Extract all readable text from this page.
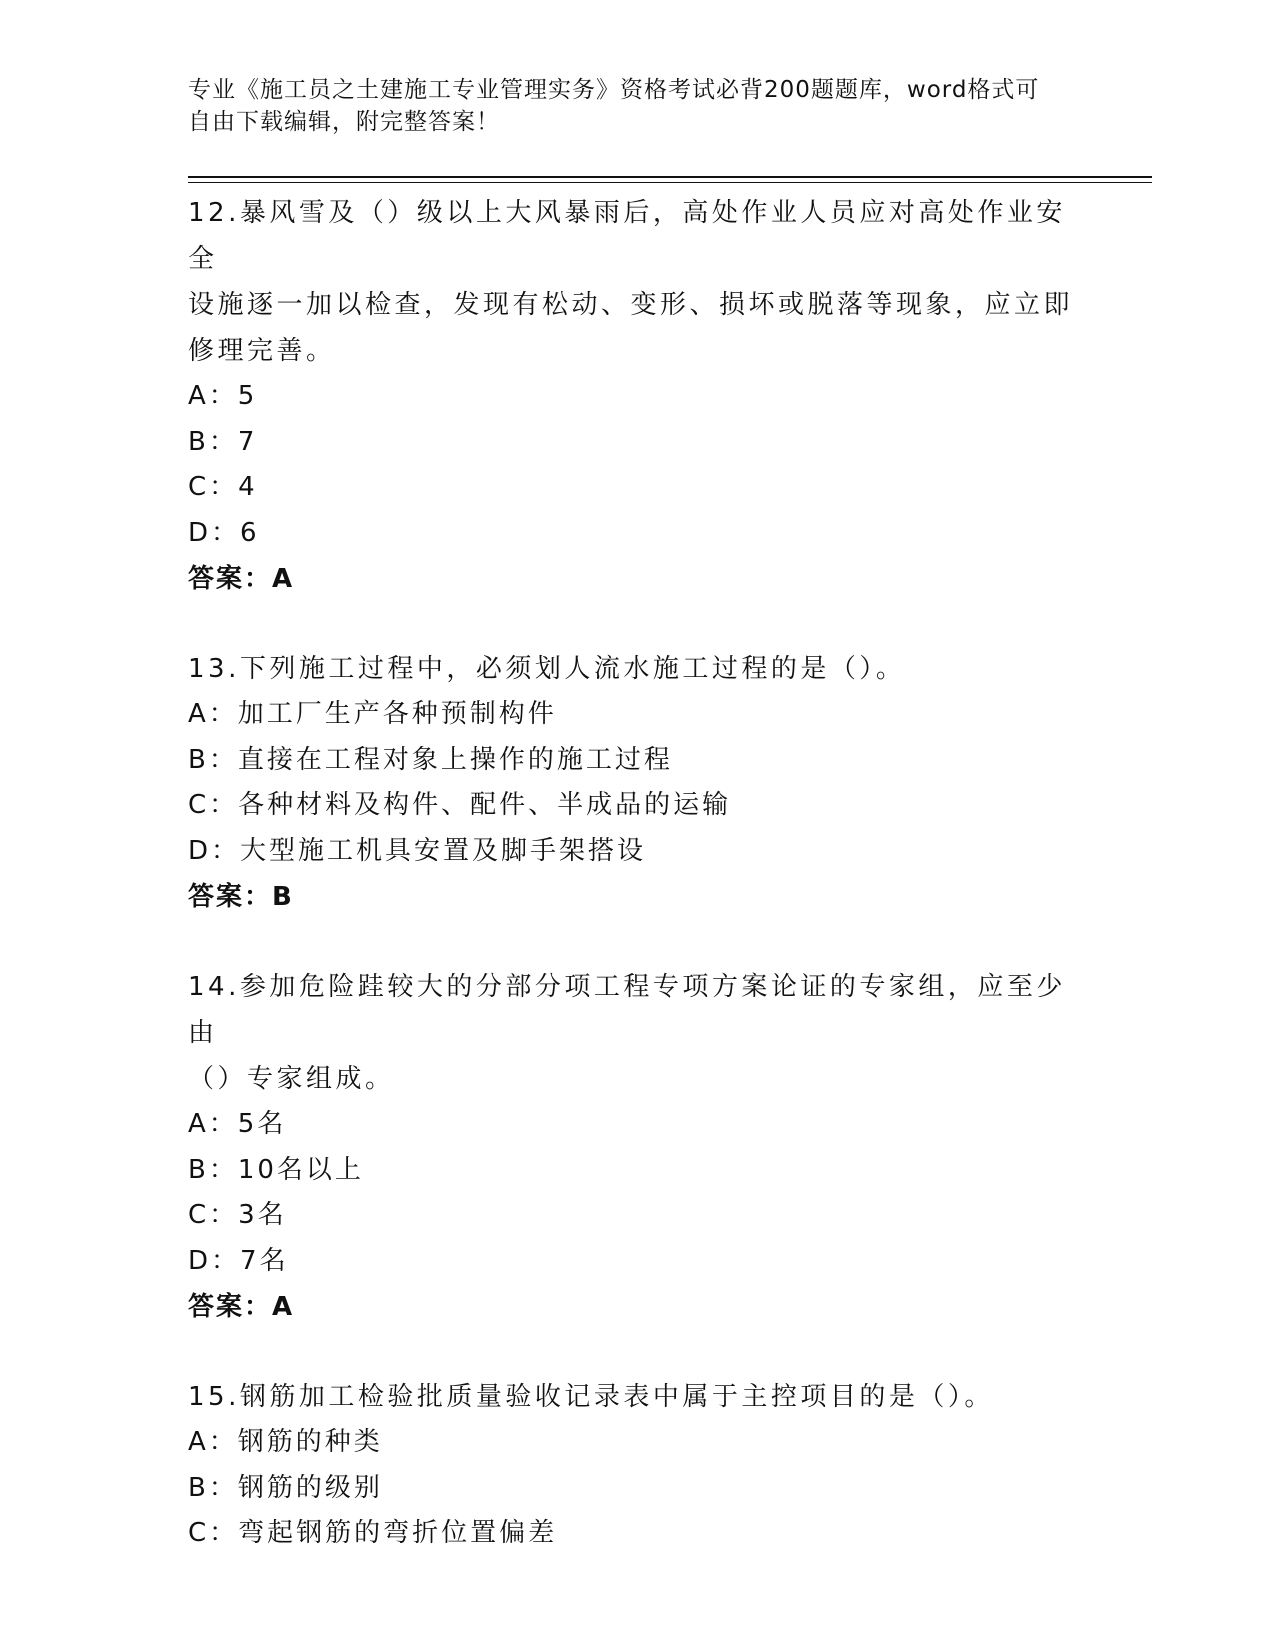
专业《施工员之土建施工专业管理实务》资格考试必背200题题库，word格式可
自由下载编辑，附完整答案！

12.暴风雪及（）级以上大风暴雨后，高处作业人员应对高处作业安全

设施逐一加以检查，发现有松动、变形、损坏或脱落等现象，应立即

修理完善。

A：5

B：7

C：4

D：6

答案：A

13.下列施工过程中，必须划人流水施工过程的是（）。

A：加工厂生产各种预制构件

B：直接在工程对象上操作的施工过程

C：各种材料及构件、配件、半成品的运输

D：大型施工机具安置及脚手架搭设

答案：B

14.参加危险跬较大的分部分项工程专项方案论证的专家组，应至少由

（）专家组成。

A：5名

B：10名以上

C：3名

D：7名

答案：A

15.钢筋加工检验批质量验收记录表中属于主控项目的是（）。

A：钢筋的种类

B：钢筋的级别

C：弯起钢筋的弯折位置偏差
